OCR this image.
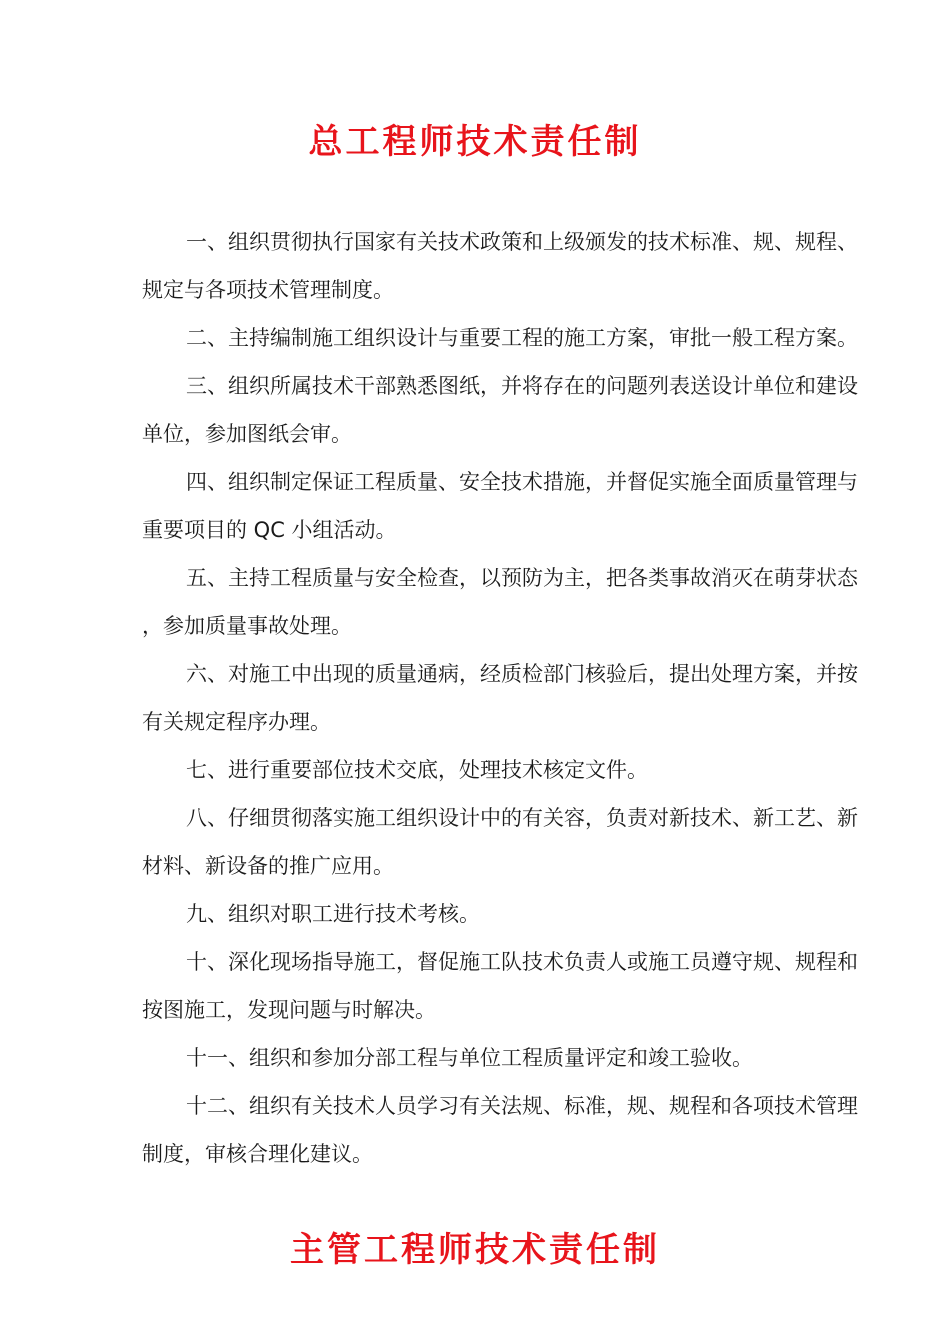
总工程师技术责任制

一、组织贯彻执行国家有关技术政策和上级颁发的技术标准、规、规程、规定与各项技术管理制度。

二、主持编制施工组织设计与重要工程的施工方案，审批一般工程方案。

三、组织所属技术干部熟悉图纸，并将存在的问题列表送设计单位和建设单位，参加图纸会审。

四、组织制定保证工程质量、安全技术措施，并督促实施全面质量管理与重要项目的 QC 小组活动。

五、主持工程质量与安全检查，以预防为主，把各类事故消灭在萌芽状态，参加质量事故处理。

六、对施工中出现的质量通病，经质检部门核验后，提出处理方案，并按有关规定程序办理。

七、进行重要部位技术交底，处理技术核定文件。

八、仔细贯彻落实施工组织设计中的有关容，负责对新技术、新工艺、新材料、新设备的推广应用。

九、组织对职工进行技术考核。

十、深化现场指导施工，督促施工队技术负责人或施工员遵守规、规程和按图施工，发现问题与时解决。

十一、组织和参加分部工程与单位工程质量评定和竣工验收。

十二、组织有关技术人员学习有关法规、标准，规、规程和各项技术管理制度，审核合理化建议。

主管工程师技术责任制
